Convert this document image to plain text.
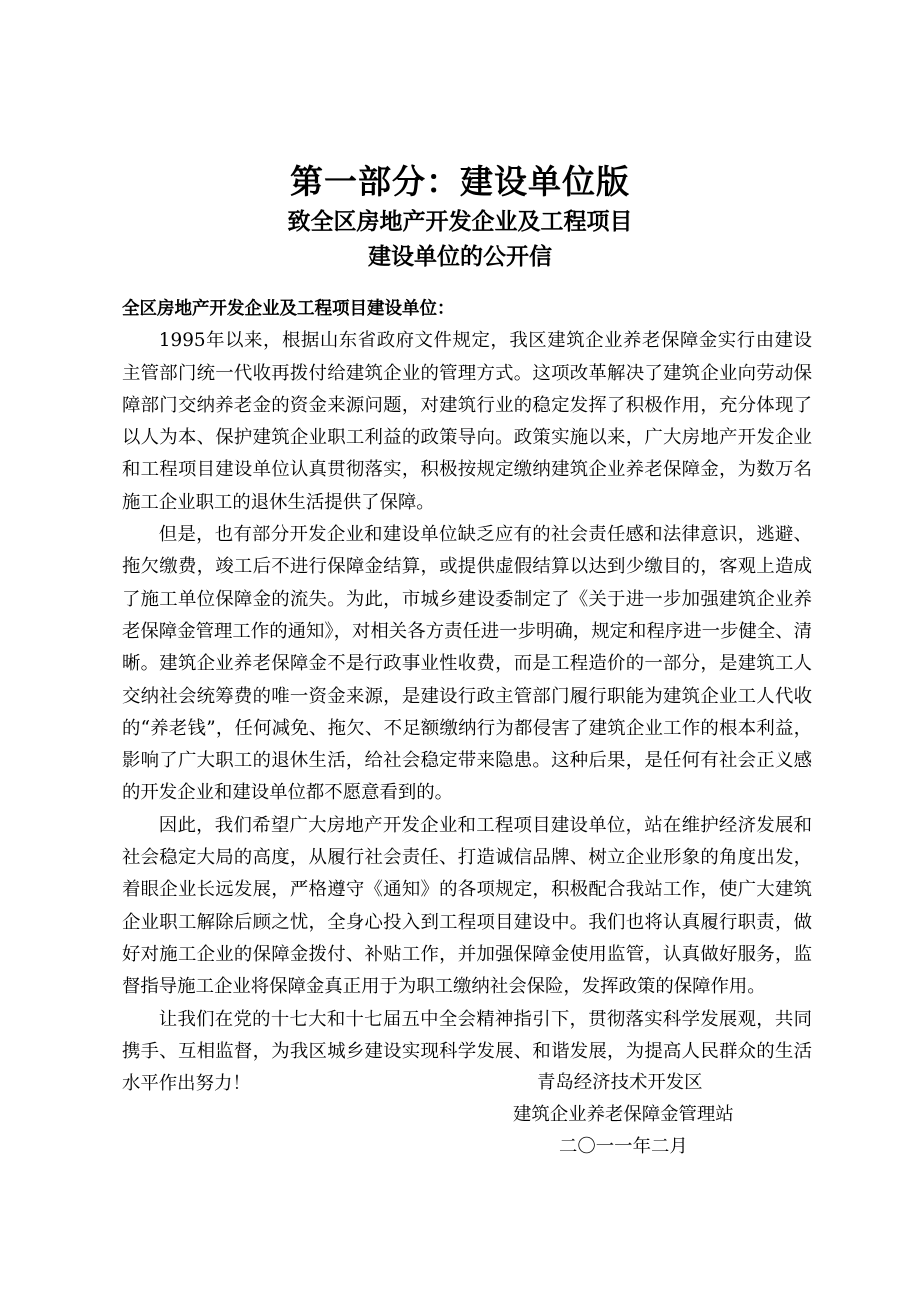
第一部分：建设单位版
致全区房地产开发企业及工程项目
建设单位的公开信

全区房地产开发企业及工程项目建设单位：

1995年以来，根据山东省政府文件规定，我区建筑企业养老保障金实行由建设主管部门统一代收再拨付给建筑企业的管理方式。这项改革解决了建筑企业向劳动保障部门交纳养老金的资金来源问题，对建筑行业的稳定发挥了积极作用，充分体现了以人为本、保护建筑企业职工利益的政策导向。政策实施以来，广大房地产开发企业和工程项目建设单位认真贯彻落实，积极按规定缴纳建筑企业养老保障金，为数万名施工企业职工的退休生活提供了保障。

但是，也有部分开发企业和建设单位缺乏应有的社会责任感和法律意识，逃避、拖欠缴费，竣工后不进行保障金结算，或提供虚假结算以达到少缴目的，客观上造成了施工单位保障金的流失。为此，市城乡建设委制定了《关于进一步加强建筑企业养老保障金管理工作的通知》，对相关各方责任进一步明确，规定和程序进一步健全、清晰。建筑企业养老保障金不是行政事业性收费，而是工程造价的一部分，是建筑工人交纳社会统筹费的唯一资金来源，是建设行政主管部门履行职能为建筑企业工人代收的“养老钱”，任何减免、拖欠、不足额缴纳行为都侵害了建筑企业工作的根本利益，影响了广大职工的退休生活，给社会稳定带来隐患。这种后果，是任何有社会正义感的开发企业和建设单位都不愿意看到的。

因此，我们希望广大房地产开发企业和工程项目建设单位，站在维护经济发展和社会稳定大局的高度，从履行社会责任、打造诚信品牌、树立企业形象的角度出发，着眼企业长远发展，严格遵守《通知》的各项规定，积极配合我站工作，使广大建筑企业职工解除后顾之忧，全身心投入到工程项目建设中。我们也将认真履行职责，做好对施工企业的保障金拨付、补贴工作，并加强保障金使用监管，认真做好服务，监督指导施工企业将保障金真正用于为职工缴纳社会保险，发挥政策的保障作用。

让我们在党的十七大和十七届五中全会精神指引下，贯彻落实科学发展观，共同携手、互相监督，为我区城乡建设实现科学发展、和谐发展，为提高人民群众的生活水平作出努力！	青岛经济技术开发区
建筑企业养老保障金管理站
二〇一一年二月
